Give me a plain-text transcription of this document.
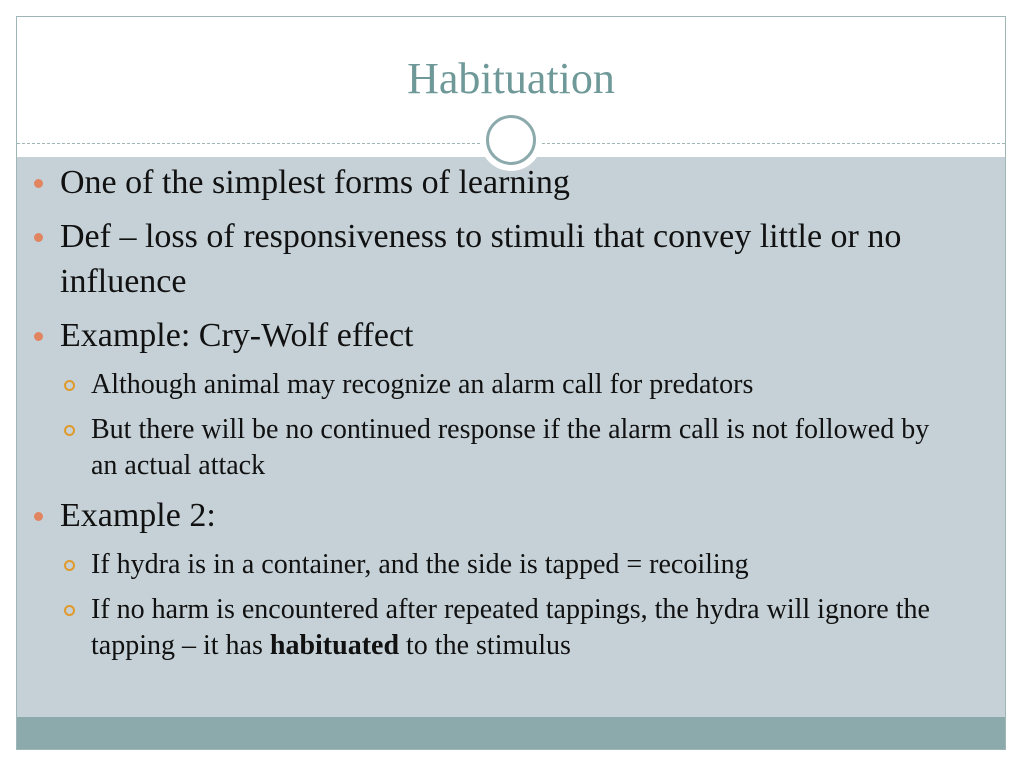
Habituation
One of the simplest forms of learning
Def – loss of responsiveness to stimuli that convey little or no influence
Example: Cry-Wolf effect
Although animal may recognize an alarm call for predators
But there will be no continued response if the alarm call is not followed by an actual attack
Example 2:
If hydra is in a container, and the side is tapped = recoiling
If no harm is encountered after repeated tappings, the hydra will ignore the tapping – it has habituated to the stimulus
